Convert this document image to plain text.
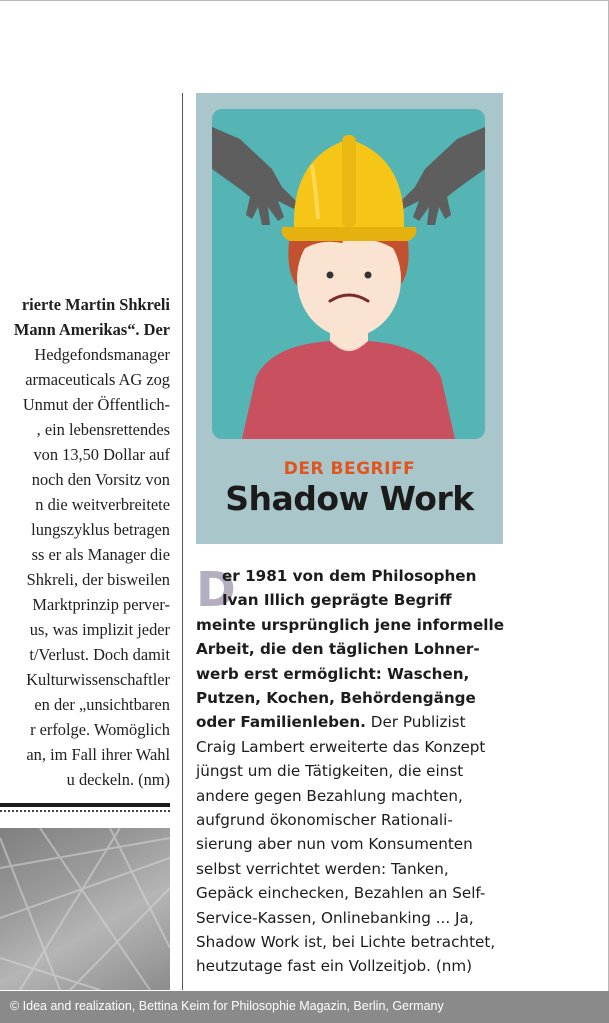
rierte Martin Shkreli
Mann Amerikas“. Der
Hedgefondsmanager
armaceuticals AG zog
Unmut der Öffentlich-
, ein lebensrettendes
von 13,50 Dollar auf
noch den Vorsitz von
n die weitverbreitete
lungszyklus betragen
ss er als Manager die
Shkreli, der bisweilen
Marktprinzip perver-
us, was implizit jeder
t/Verlust. Doch damit
Kulturwissenschaftler
en der „unsichtbaren
r erfolge. Womöglich
an, im Fall ihrer Wahl
u deckeln. (nm)
DER BEGRIFF
Shadow Work
D
er 1981 von dem Philosophen
Ivan Illich geprägte Begriff
meinte ursprünglich jene informelle
Arbeit, die den täglichen Lohner-
werb erst ermöglicht: Waschen,
Putzen, Kochen, Behördengänge
oder Familienleben. Der Publizist
Craig Lambert erweiterte das Konzept
jüngst um die Tätigkeiten, die einst
andere gegen Bezahlung machten,
aufgrund ökonomischer Rationali-
sierung aber nun vom Konsumenten
selbst verrichtet werden: Tanken,
Gepäck einchecken, Bezahlen an Self-
Service-Kassen, Onlinebanking ... Ja,
Shadow Work ist, bei Lichte betrachtet,
heutzutage fast ein Vollzeitjob. (nm)
© Idea and realization, Bettina Keim for Philosophie Magazin, Berlin, Germany
